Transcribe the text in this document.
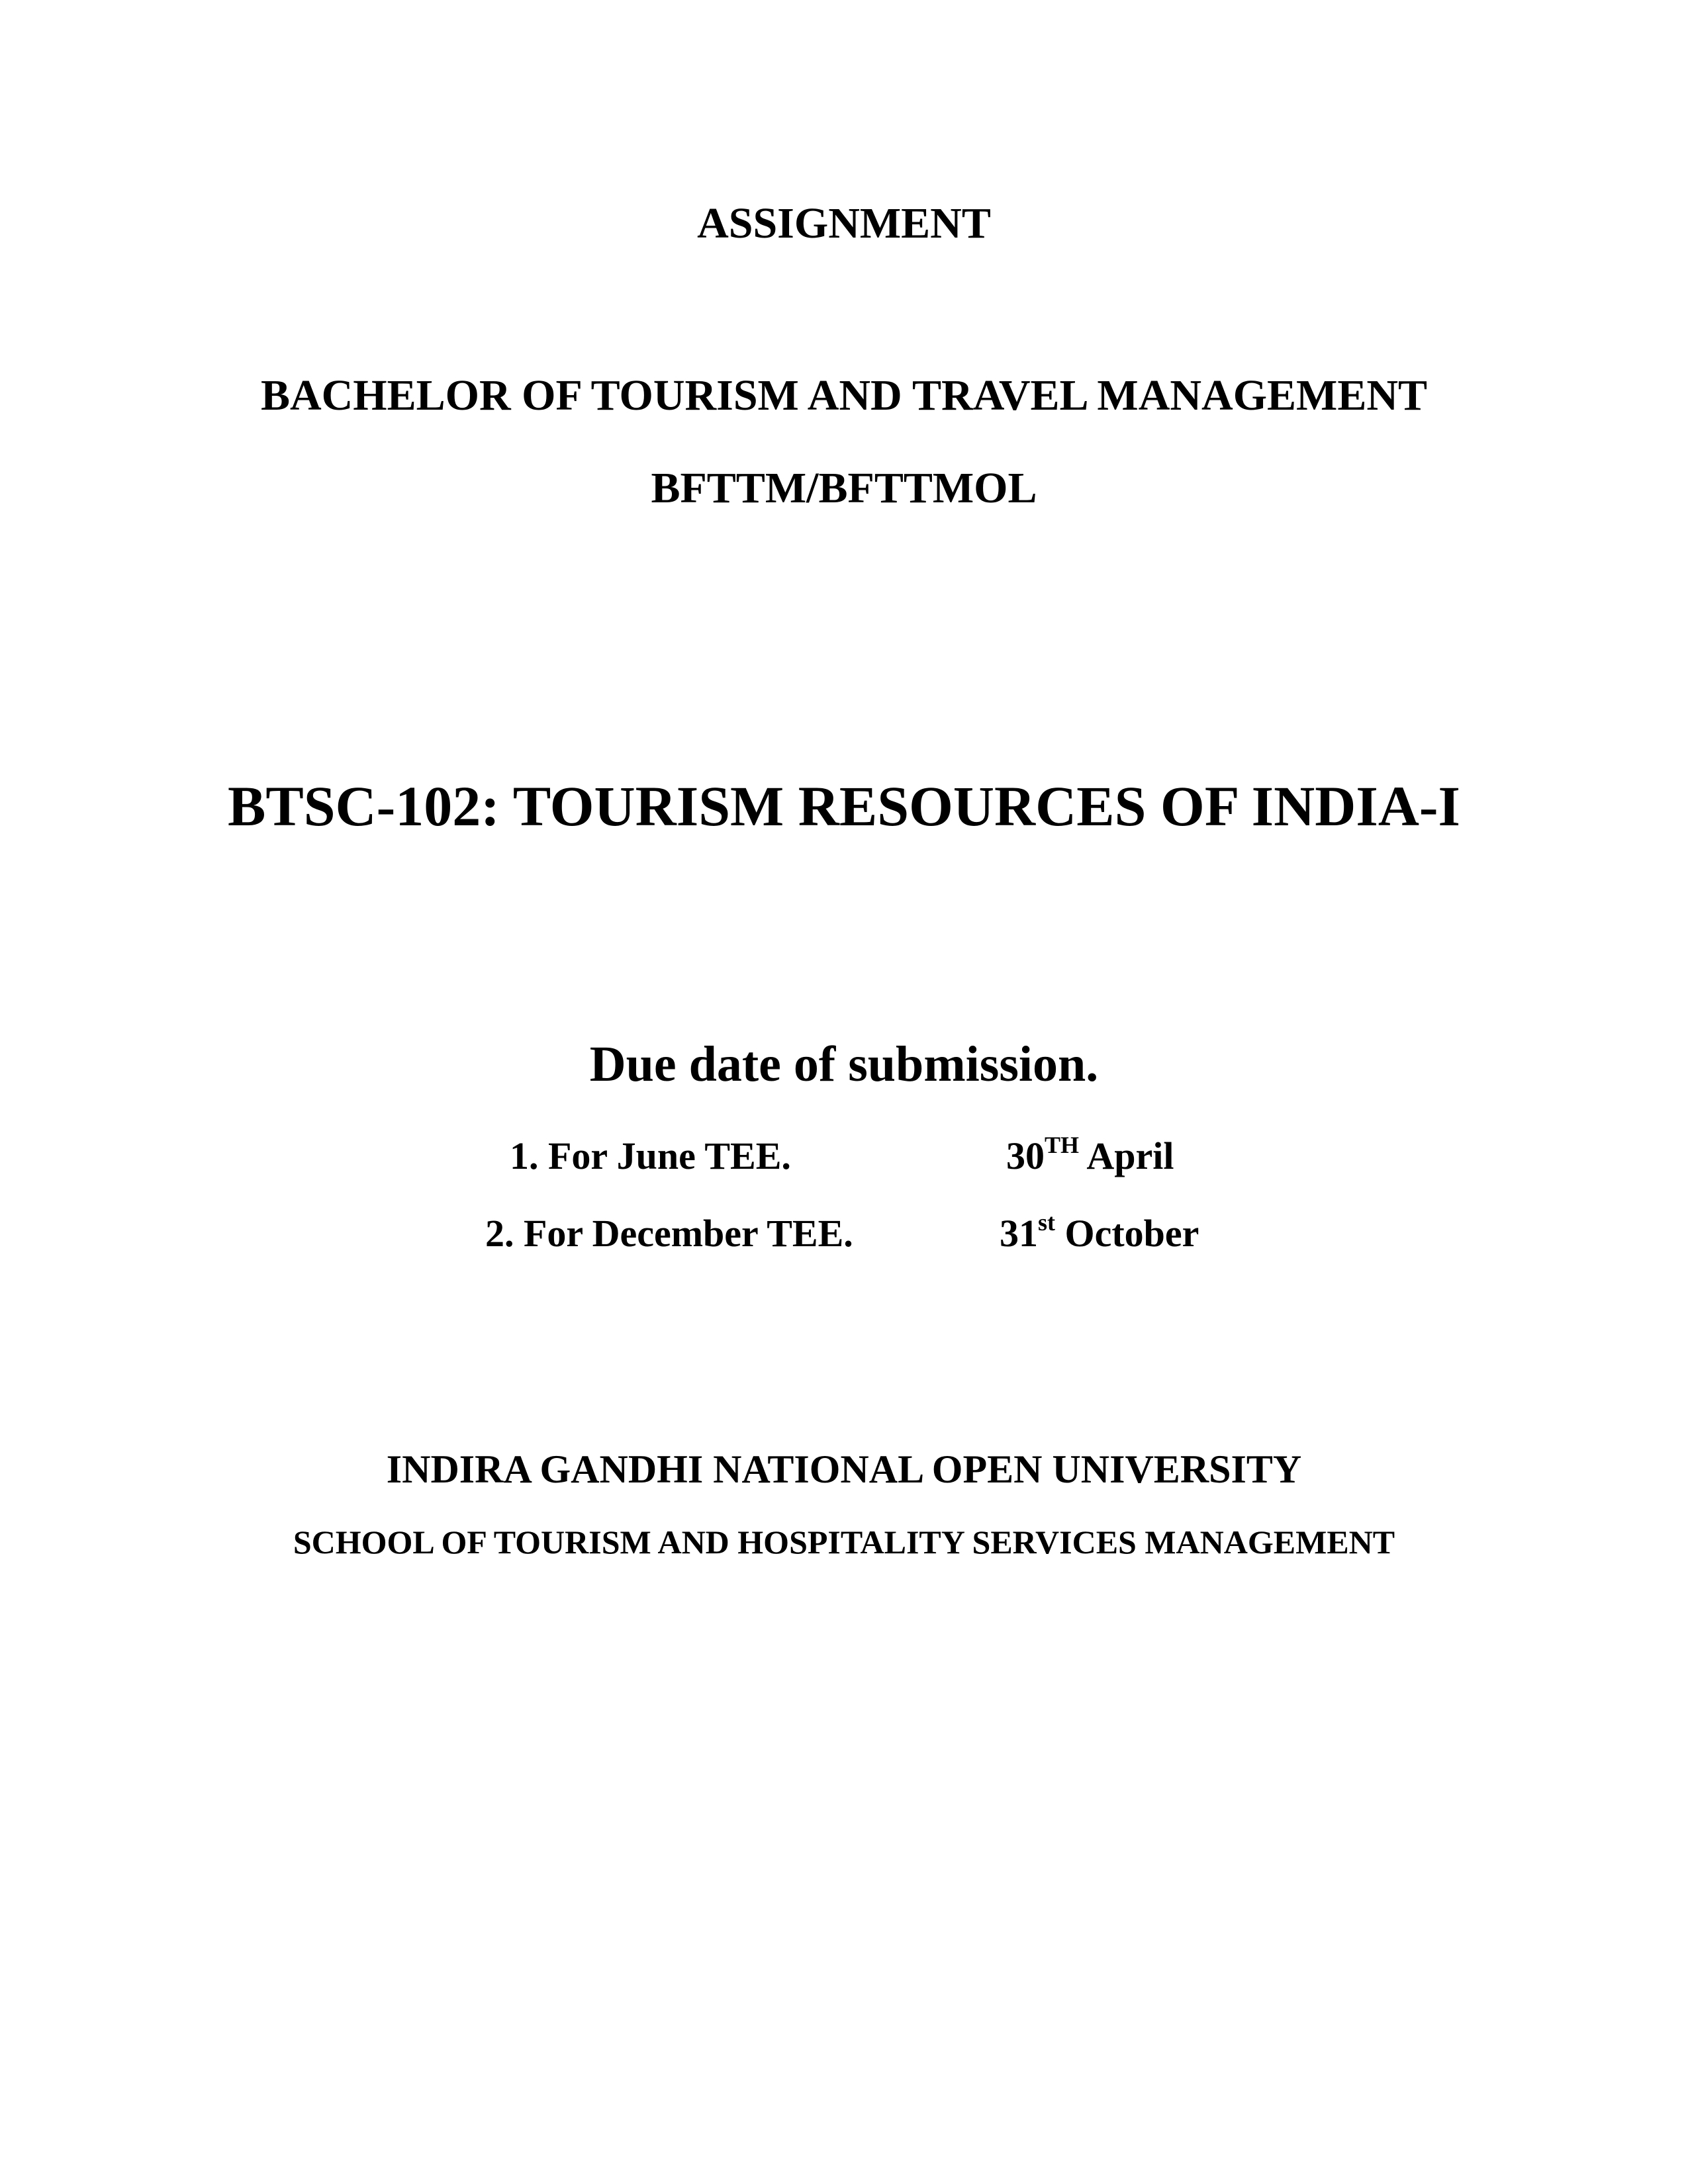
ASSIGNMENT
BACHELOR OF TOURISM AND TRAVEL MANAGEMENT
BFTTM/BFTTMOL
BTSC-102: TOURISM RESOURCES OF INDIA-I
Due date of submission.
1. For June TEE.	30TH April
2. For December TEE.	31st October
INDIRA GANDHI NATIONAL OPEN UNIVERSITY
SCHOOL OF TOURISM AND HOSPITALITY SERVICES MANAGEMENT
